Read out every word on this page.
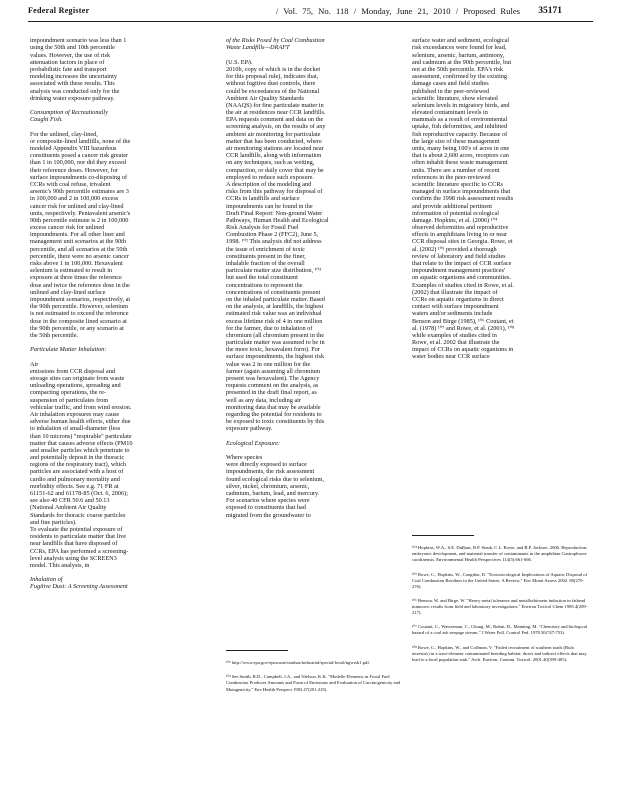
Federal Register	/ Vol. 75, No. 118 / Monday, June 21, 2010 / Proposed Rules 35171

impoundment scenario was less than 1
using the 50th and 10th percentile
values. However, the use of risk
attenuation factors in place of
probabilistic fate and transport
modeling increases the uncertainty
associated with these results. This
analysis was conducted only for the
drinking water exposure pathway.

Consumption of Recreationally
Caught Fish.

For the unlined, clay-lined,
or composite-lined landfills, none of the
modeled Appendix VIII hazardous
constituents posed a cancer risk greater
than 1 in 100,000, nor did they exceed
their reference doses. However, for
surface impoundments co-disposing of
CCRs with coal refuse, trivalent
arsenic's 90th percentile estimates are 3
in 100,000 and 2 in 100,000 excess
cancer risk for unlined and clay-lined
units, respectively. Pentavalent arsenic's
90th percentile estimate is 2 in 100,000
excess cancer risk for unlined
impoundments. For all other liner and
management unit scenarios at the 90th
percentile, and all scenarios at the 50th
percentile, there were no arsenic cancer
risks above 1 in 100,000. Hexavalent
selenium is estimated to result in
exposure at three times the reference
dose and twice the reference dose in the
unlined and clay-lined surface
impoundment scenarios, respectively, at
the 90th percentile. However, selenium
is not estimated to exceed the reference
dose in the composite lined scenario at
the 90th percentile, or any scenario at
the 50th percentile.

Particulate Matter Inhalation:

Air
emissions from CCR disposal and
storage sites can originate from waste
unloading operations, spreading and
compacting operations, the re-
suspension of particulates from
vehicular traffic, and from wind erosion.
Air inhalation exposures may cause
adverse human health effects, either due
to inhalation of small-diameter (less
than 10 microns) "respirable" particulate
matter that causes adverse effects (PM10
and smaller particles which penetrate to
and potentially deposit in the thoracic
regions of the respiratory tract), which
particles are associated with a host of
cardio and pulmonary mortality and
morbidity effects. See e.g. 71 FR at
61151-62 and 61178-85 (Oct. 6, 2006);
see also 40 CFR 50.6 and 50.13
(National Ambient Air Quality
Standards for thoracic coarse particles
and fine particles).
To evaluate the potential exposure of
residents to particulate matter that live
near landfills that have disposed of
CCRs, EPA has performed a screening-
level analysis using the SCREEN3
model. This analysis, in

Inhalation of
Fugitive Dust: A Screening Assessment

of the Risks Posed by Coal Combustion
Waste Landfills—DRAFT

(U.S. EPA
2010b, copy of which is in the docket
for this proposal rule), indicates that,
without fugitive dust controls, there
could be exceedances of the National
Ambient Air Quality Standards
(NAAQS) for fine particulate matter in
the air at residences near CCR landfills.
EPA requests comment and data on the
screening analysis, on the results of any
ambient air monitoring for particulate
matter that has been conducted, where
air monitoring stations are located near
CCR landfills, along with information
on any techniques, such as wetting,
compaction, or daily cover that may be
employed to reduce such exposure.
A description of the modeling and
risks from this pathway for disposal of
CCRs in landfills and surface
impoundments can be found in the
Draft Final Report: Non-ground Water
Pathways, Human Health and Ecological
Risk Analysis for Fossil Fuel
Combustion Phase 2 (FFC2), June 5,
1998. ¹⁰² This analysis did not address
the issue of enrichment of toxic
constituents present in the finer,
inhalable fraction of the overall
particulate matter size distribution, ¹⁰³
but used the total constituent
concentrations to represent the
concentrations of constituents present
on the inhaled particulate matter. Based
on the analysis, at landfills, the highest
estimated risk value was an individual
excess lifetime risk of 4 in one million
for the farmer, due to inhalation of
chromium (all chromium present in the
particulate matter was assumed to be in
the more toxic, hexavalent form). For
surface impoundments, the highest risk
value was 2 in one million for the
farmer (again assuming all chromium
present was hexavalent). The Agency
requests comment on the analysis, as
presented in the draft final report, as
well as any data, including air
monitoring data that may be available
regarding the potential for residents to
be exposed to toxic constituents by this
exposure pathway.

Ecological Exposure:

Where species
were directly exposed to surface
impoundments, the risk assessment
found ecological risks due to selenium,
silver, nickel, chromium, arsenic,
cadmium, barium, lead, and mercury.
For scenarios where species were
exposed to constituents that had
migrated from the groundwater to

surface water and sediment, ecological
risk exceedances were found for lead,
selenium, arsenic, barium, antimony,
and cadmium at the 90th percentile, but
not at the 50th percentile. EPA's risk
assessment, confirmed by the existing
damage cases and field studies
published in the peer-reviewed
scientific literature, show elevated
selenium levels in migratory birds, and
elevated contaminant levels in
mammals as a result of environmental
uptake, fish deformities, and inhibited
fish reproductive capacity. Because of
the large size of these management
units, many being 100's of acres in one
that is about 2,600 acres, receptors can
often inhabit these waste management
units. There are a number of recent
references in the peer-reviewed
scientific literature specific to CCRs
managed in surface impoundments that
confirm the 1998 risk assessment results
and provide additional pertinent
information of potential ecological
damage. Hopkins, et al. (2006) ¹⁰⁴
observed deformities and reproductive
effects in amphibians living in or near
CCR disposal sites in Georgia. Rowe, et
al. (2002) ¹⁰⁵ provided a thorough
review of laboratory and field studies
that relate to the impact of CCR surface
impoundment management practices'
on aquatic organisms and communities.
Examples of studies cited in Rowe, et al.
(2002) that illustrate the impact of
CCRs on aquatic organisms in direct
contact with surface impoundment
waters and/or sediments include
Benson and Birge (1985), ¹⁰⁶ Coutant, et
al. (1978) ¹⁰⁷ and Rowe, et al. (2001), ¹⁰⁸
while examples of studies cited in
Rowe, et al. 2002 that illustrate the
impact of CCRs on aquatic organisms in
water bodies near CCR surface

¹⁰² http://www.epa.gov/epawaste/nonhaz/industrial/special/fossil/ngwrsk1.pdf.

¹⁰³ See Smith, R.D., Campbell, J.A., and Nielson, K.K. "Modelle Elements in Fossil Fuel Combustion Produces Amounts and Form of Emissions and Evaluation of Carcinogenicity and Mutagenicity." Env Health Perspect 1983.47(201-225).

¹⁰⁴ Hopkins, W.A., S.E. DuRant, B.P. Staub, C.L. Rowe, and B.P. Jackson. 2006. Reproduction, embryonic development, and maternal transfer of contaminants in the amphibian Gastrophryne carolinensis. Environmental Health Perspectives 114(5):661-666.

¹⁰⁵ Rowe, C., Hopkins, W., Congdon, D. "Ecotoxicological Implications of Aquatic Disposal of Coal Combustion Residues in the United States: A Review." Env Monit Assess 2002. 80(270-276).

¹⁰⁶ Benson, W. and Birge, W. "Heavy metal tolerance and metallothionein induction in fathead minnows: results from field and laboratory investigations." Environ Toxicol Chem 1985.4(209-217).

¹⁰⁷ Coutant, C., Wasserman, C., Chung, M., Rubin, D., Manning, M. "Chemistry and biological hazard of a coal ash seepage stream." J Water Poll. Control Fed. 1978.50(747-753).

¹⁰⁸ Rowe, C., Hopkins, W., and Coffman, V. "Failed recruitment of southern toads (Bufo terrestris) in a trace-element contaminated breeding habitat: direct and indirect effects that may lead to a local population sink." Arch. Environ. Contam. Toxicol. 2001.40(399-405).
